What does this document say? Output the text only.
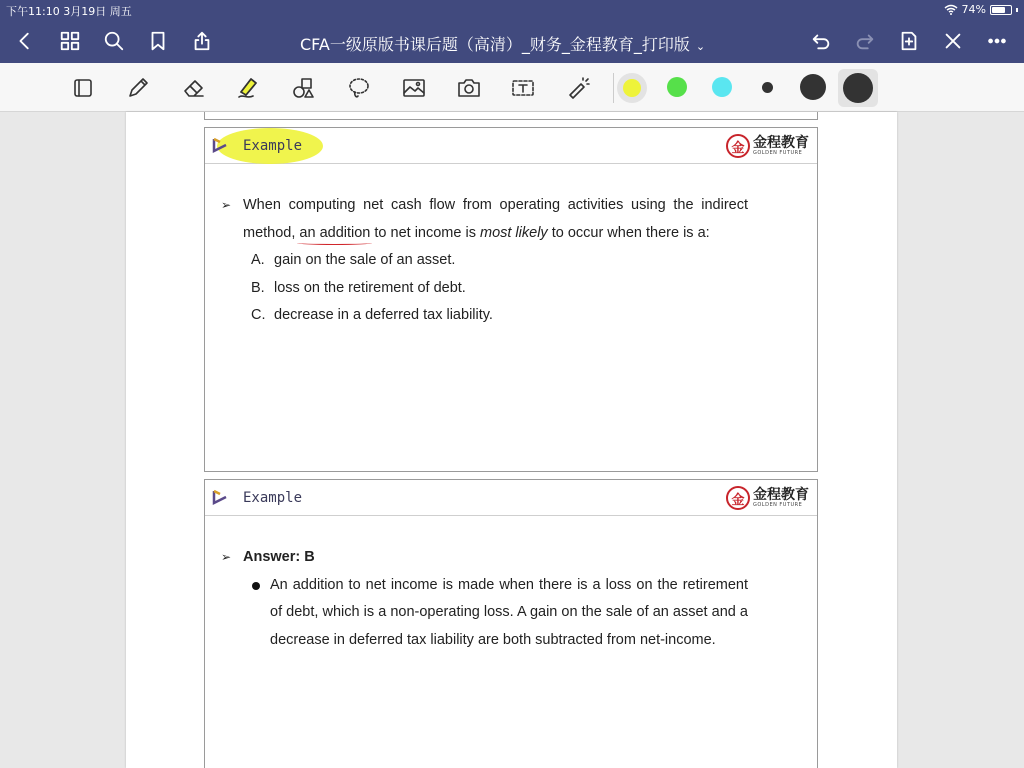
下午11:10 3月19日 周五	74%
CFA一级原版书课后题（高清）_财务_金程教育_打印版 ⌄
Example	金 金程教育
GOLDEN FUTURE
➢ When computing net cash flow from operating activities using the indirect method, an addition to net income is most likely to occur when there is a:

A. gain on the sale of an asset.
B. loss on the retirement of debt.
C. decrease in a deferred tax liability.
Example	金 金程教育
GOLDEN FUTURE
➢ Answer: B
An addition to net income is made when there is a loss on the retirement of debt, which is a non-operating loss. A gain on the sale of an asset and a decrease in deferred tax liability are both subtracted from net-income.
